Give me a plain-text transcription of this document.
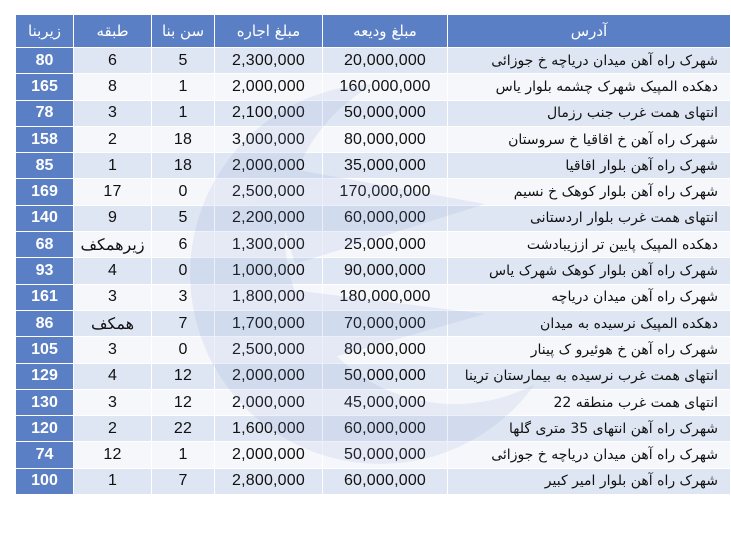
آدرس	مبلغ ودیعه	مبلغ اجاره	سن بنا	طبقه	زیربنا
شهرک راه آهن میدان دریاچه خ جوزائی	20,000,000	2,300,000	5	6	80
دهکده المپیک شهرک چشمه بلوار یاس	160,000,000	2,000,000	1	8	165
انتهای همت غرب جنب رزمال	50,000,000	2,100,000	1	3	78
شهرک راه آهن خ اقاقیا خ سروستان	80,000,000	3,000,000	18	2	158
شهرک راه آهن بلوار اقاقیا	35,000,000	2,000,000	18	1	85
شهرک راه آهن بلوار کوهک خ نسیم	170,000,000	2,500,000	0	17	169
انتهای همت غرب بلوار اردستانی	60,000,000	2,200,000	5	9	140
دهکده المپیک پایین تر اززیبادشت	25,000,000	1,300,000	6	زیرهمکف	68
شهرک راه آهن بلوار کوهک شهرک یاس	90,000,000	1,000,000	0	4	93
شهرک راه آهن میدان دریاچه	180,000,000	1,800,000	3	3	161
دهکده المپیک نرسیده به میدان	70,000,000	1,700,000	7	همکف	86
شهرک راه آهن خ هوئیرو ک پینار	80,000,000	2,500,000	0	3	105
انتهای همت غرب نرسیده به بیمارستان ترینا	50,000,000	2,000,000	12	4	129
انتهای همت غرب منطقه 22	45,000,000	2,000,000	12	3	130
شهرک راه آهن انتهای 35 متری گلها	60,000,000	1,600,000	22	2	120
شهرک راه آهن میدان دریاچه خ جوزائی	50,000,000	2,000,000	1	12	74
شهرک راه آهن بلوار امیر کبیر	60,000,000	2,800,000	7	1	100
